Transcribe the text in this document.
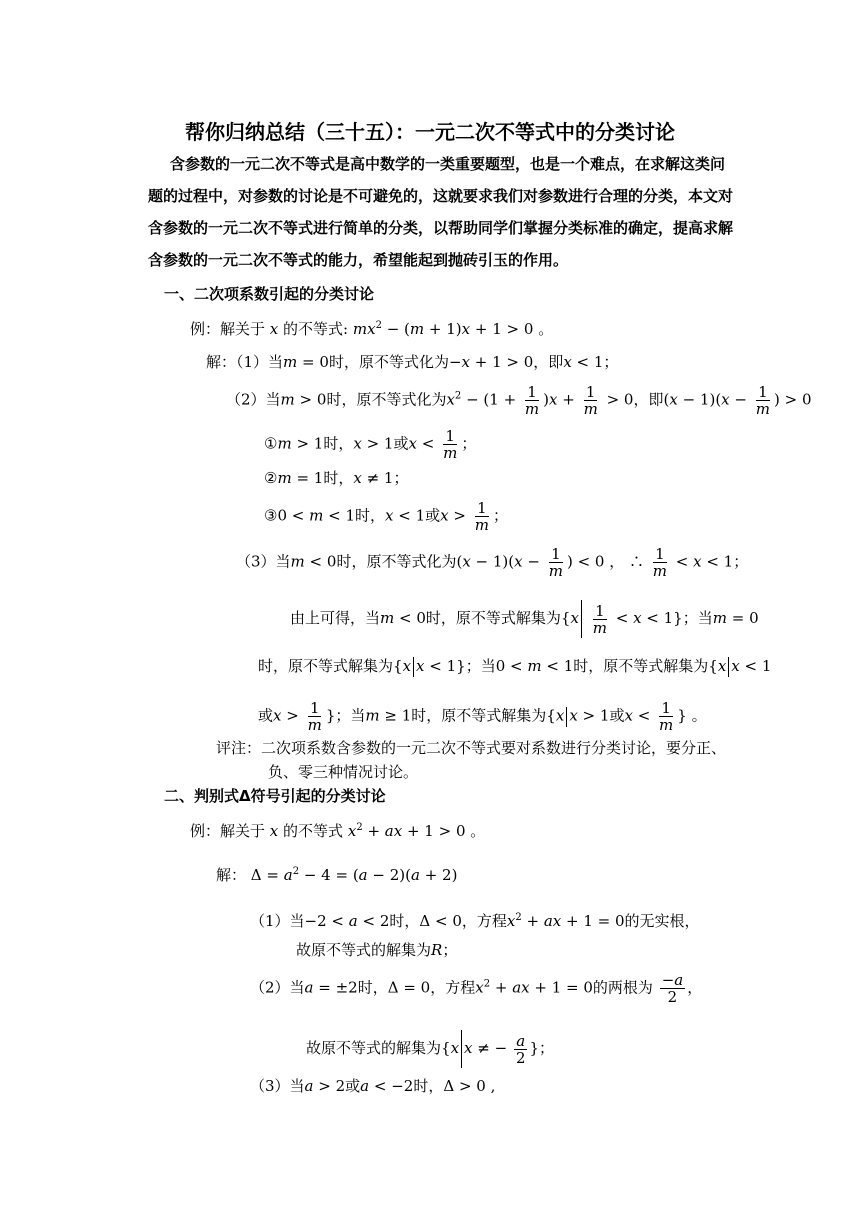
帮你归纳总结（三十五）：一元二次不等式中的分类讨论
含参数的一元二次不等式是高中数学的一类重要题型，也是一个难点，在求解这类问
题的过程中，对参数的讨论是不可避免的，这就要求我们对参数进行合理的分类，本文对
含参数的一元二次不等式进行简单的分类，以帮助同学们掌握分类标准的确定，提高求解
含参数的一元二次不等式的能力，希望能起到抛砖引玉的作用。
一、二次项系数引起的分类讨论
例：解关于 x 的不等式: $mx^2 - (m + 1)x + 1 > 0$ 。
解：（1）当m = 0时，原不等式化为−x + 1 > 0，即x < 1；
（2）当m > 0时，原不等式化为$x^2 - (1 + \frac{1}{m} )x + \frac{1}{m} > 0$，即$(x - 1)(x - \frac{1}{m}$ ) > 0
①m > 1时，x > 1或$x < \frac{1}{m}$ ；
②m = 1时，x ≠ 1；
③0 < m < 1时，x < 1或$x > \frac{1}{m}$ ；
（3）当m < 0时，原不等式化为$(x - 1)(x - \frac{1}{m}$ ) < 0 ， ∴ $\frac{1}{m} < x < 1$；
由上可得，当m < 0时，原不等式解集为$\{x \frac{1}{m} < x < 1\}$；当m = 0
时，原不等式解集为{x x < 1}；当0 < m < 1时，原不等式解集为{x x < 1
或$x > \frac{1}{m}$ }；当m ≥ 1时，原不等式解集为{x x > 1或$x < \frac{1}{m}$ } 。
评注：二次项系数含参数的一元二次不等式要对系数进行分类讨论，要分正、
负、零三种情况讨论。
二、判别式Δ符号引起的分类讨论
例：解关于 x 的不等式 $x^2$ + ax + 1 > 0 。
解： $\Delta = a^2 - 4 = (a - 2)(a + 2)$
（1）当−2 < a < 2时，Δ < 0，方程$x^2$ + ax + 1 = 0的无实根，
故原不等式的解集为R；
（2）当a = ±2时，Δ = 0，方程$x^2$ + ax + 1 = 0的两根为 $\frac{-a}{2}$ ，
故原不等式的解集为{x x ≠ − $\frac{a}{2}$ }；
（3）当a > 2或a < −2时，Δ > 0 ,
